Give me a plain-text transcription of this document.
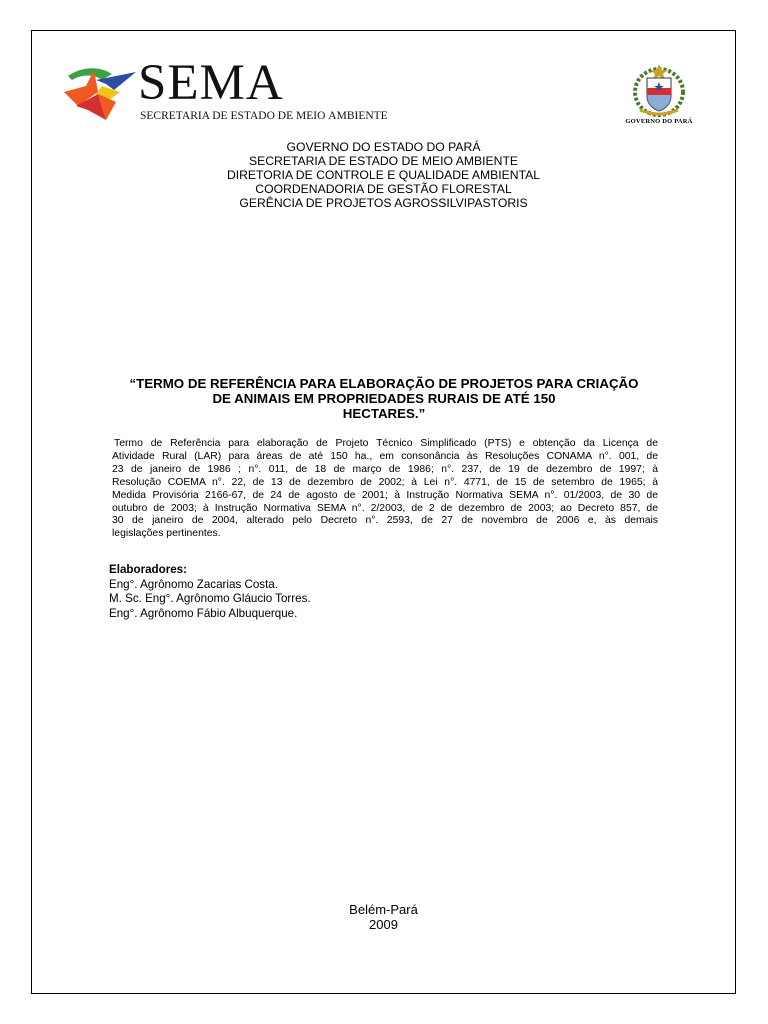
SEMA
SECRETARIA DE ESTADO DE MEIO AMBIENTE	GOVERNO DO PARÁ
GOVERNO DO ESTADO DO PARÁ
SECRETARIA DE ESTADO DE MEIO AMBIENTE
DIRETORIA DE CONTROLE E QUALIDADE AMBIENTAL
COORDENADORIA DE GESTÃO FLORESTAL
GERÊNCIA DE PROJETOS AGROSSILVIPASTORIS
“TERMO DE REFERÊNCIA PARA ELABORAÇÃO DE PROJETOS PARA CRIAÇÃO
DE ANIMAIS EM PROPRIEDADES RURAIS DE ATÉ 150
HECTARES.”
Termo de Referência para elaboração de Projeto Técnico Simplificado (PTS) e obtenção da Licença de
Atividade Rural (LAR) para áreas de até 150 ha., em consonância às Resoluções CONAMA n°. 001, de
23 de janeiro de 1986 ; n°. 011, de 18 de março de 1986; n°. 237, de 19 de dezembro de 1997; à
Resolução COEMA n°. 22, de 13 de dezembro de 2002; à Lei n°. 4771, de 15 de setembro de 1965; à
Medida Provisória 2166-67, de 24 de agosto de 2001; à Instrução Normativa SEMA n°. 01/2003, de 30 de
outubro de 2003; à Instrução Normativa SEMA n°. 2/2003, de 2 de dezembro de 2003; ao Decreto 857, de
30 de janeiro de 2004, alterado pelo Decreto n°. 2593, de 27 de novembro de 2006 e, às demais
legislações pertinentes.
Elaboradores:
Eng°. Agrônomo Zacarias Costa.
M. Sc. Eng°. Agrônomo Gláucio Torres.
Eng°. Agrônomo Fábio Albuquerque.
Belém-Pará
2009
